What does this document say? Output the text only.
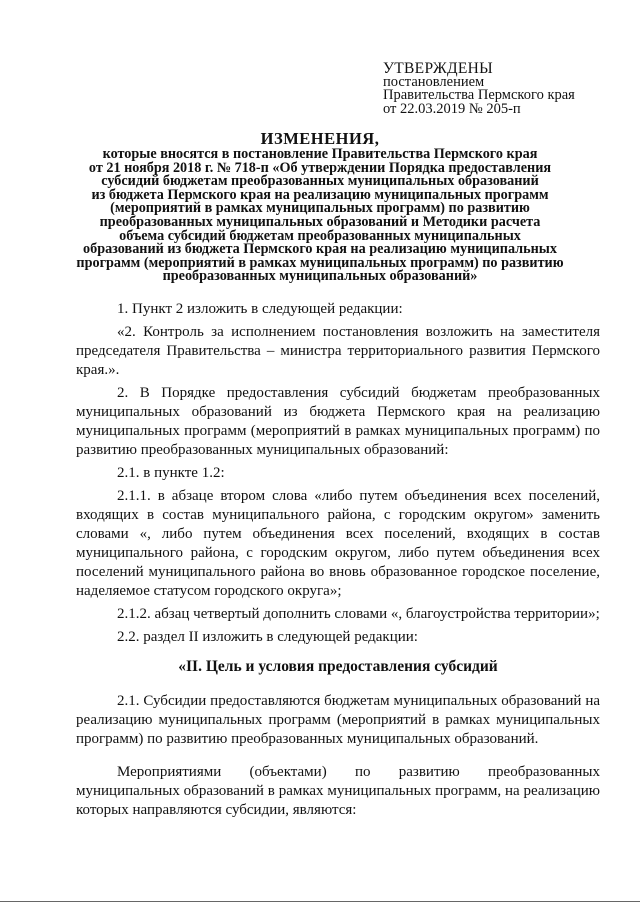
УТВЕРЖДЕНЫ
постановлением
Правительства Пермского края
от 22.03.2019 № 205-п
ИЗМЕНЕНИЯ,
которые вносятся в постановление Правительства Пермского края
от 21 ноября 2018 г. № 718-п «Об утверждении Порядка предоставления
субсидий бюджетам преобразованных муниципальных образований
из бюджета Пермского края на реализацию муниципальных программ
(мероприятий в рамках муниципальных программ) по развитию
преобразованных муниципальных образований и Методики расчета
объема субсидий бюджетам преобразованных муниципальных
образований из бюджета Пермского края на реализацию муниципальных
программ (мероприятий в рамках муниципальных программ) по развитию
преобразованных муниципальных образований»

1. Пункт 2 изложить в следующей редакции:

«2. Контроль за исполнением постановления возложить на заместителя председателя Правительства – министра территориального развития Пермского края.».

2. В Порядке предоставления субсидий бюджетам преобразованных муниципальных образований из бюджета Пермского края на реализацию муниципальных программ (мероприятий в рамках муниципальных программ) по развитию преобразованных муниципальных образований:

2.1. в пункте 1.2:

2.1.1. в абзаце втором слова «либо путем объединения всех поселений, входящих в состав муниципального района, с городским округом» заменить словами «, либо путем объединения всех поселений, входящих в состав муниципального района, с городским округом, либо путем объединения всех поселений муниципального района во вновь образованное городское поселение, наделяемое статусом городского округа»;

2.1.2. абзац четвертый дополнить словами «, благоустройства территории»;

2.2. раздел II изложить в следующей редакции:

«II. Цель и условия предоставления субсидий

2.1. Субсидии предоставляются бюджетам муниципальных образований на реализацию муниципальных программ (мероприятий в рамках муниципальных программ) по развитию преобразованных муниципальных образований.

Мероприятиями (объектами) по развитию преобразованных муниципальных образований в рамках муниципальных программ, на реализацию которых направляются субсидии, являются:
